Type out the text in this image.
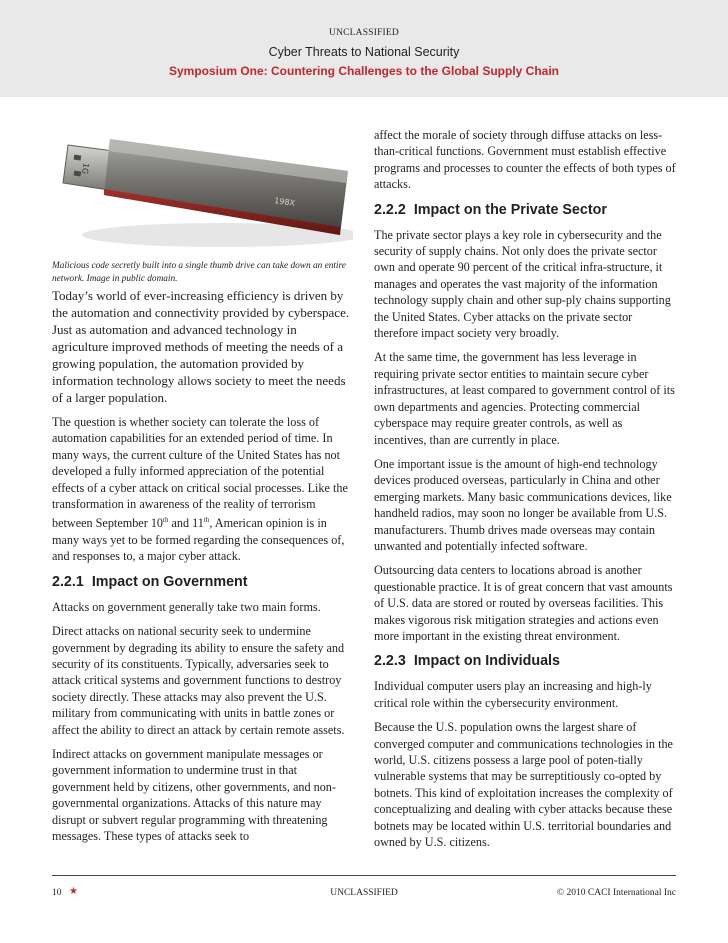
UNCLASSIFIED
Cyber Threats to National Security
Symposium One: Countering Challenges to the Global Supply Chain
1G
198X
Malicious code secretly built into a single thumb drive can take down an entire network. Image in public domain.

Today’s world of ever-increasing efficiency is driven by the automation and connectivity provided by cyberspace. Just as automation and advanced technology in agriculture improved methods of meeting the needs of a growing population, the automation provided by information technology allows society to meet the needs of a larger population.

The question is whether society can tolerate the loss of automation capabilities for an extended period of time. In many ways, the current culture of the United States has not developed a fully informed appreciation of the potential effects of a cyber attack on critical social processes. Like the transformation in awareness of the reality of terrorism between September 10th and 11th, American opinion is in many ways yet to be formed regarding the consequences of, and responses to, a major cyber attack.

2.2.1 Impact on Government

Attacks on government generally take two main forms.

Direct attacks on national security seek to undermine government by degrading its ability to ensure the safety and security of its constituents. Typically, adversaries seek to attack critical systems and government functions to destroy society directly. These attacks may also prevent the U.S. military from communicating with units in battle zones or affect the ability to direct an attack by certain remote assets.

Indirect attacks on government manipulate messages or government information to undermine trust in that government held by citizens, other governments, and non-governmental organizations. Attacks of this nature may disrupt or subvert regular programming with threatening messages. These types of attacks seek to

affect the morale of society through diffuse attacks on less-than-critical functions. Government must establish effective programs and processes to counter the effects of both types of attacks.

2.2.2 Impact on the Private Sector

The private sector plays a key role in cybersecurity and the security of supply chains. Not only does the private sector own and operate 90 percent of the critical infra-structure, it manages and operates the vast majority of the information technology supply chain and other sup-ply chains supporting the United States. Cyber attacks on the private sector therefore impact society very broadly.

At the same time, the government has less leverage in requiring private sector entities to maintain secure cyber infrastructures, at least compared to government control of its own departments and agencies. Protecting commercial cyberspace may require greater controls, as well as incentives, than are currently in place.

One important issue is the amount of high-end technology devices produced overseas, particularly in China and other emerging markets. Many basic communications devices, like handheld radios, may soon no longer be available from U.S. manufacturers. Thumb drives made overseas may contain unwanted and potentially infected software.

Outsourcing data centers to locations abroad is another questionable practice. It is of great concern that vast amounts of U.S. data are stored or routed by overseas facilities. This makes vigorous risk mitigation strategies and actions even more important in the existing threat environment.

2.2.3 Impact on Individuals

Individual computer users play an increasing and high-ly critical role within the cybersecurity environment.

Because the U.S. population owns the largest share of converged computer and communications technologies in the world, U.S. citizens possess a large pool of poten-tially vulnerable systems that may be surreptitiously co-opted by botnets. This kind of exploitation increases the complexity of conceptualizing and dealing with cyber attacks because these botnets may be located within U.S. territorial boundaries and owned by U.S. citizens.

10 ★	UNCLASSIFIED	© 2010 CACI International Inc
